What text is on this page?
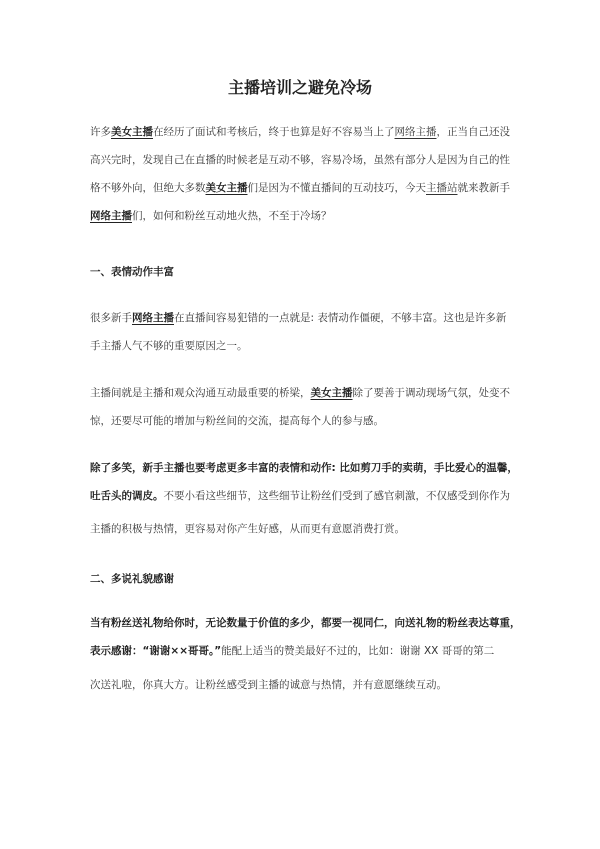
主播培训之避免冷场
许多美女主播在经历了面试和考核后，终于也算是好不容易当上了网络主播，正当自己还没
高兴完时，发现自己在直播的时候老是互动不够，容易冷场，虽然有部分人是因为自己的性
格不够外向，但绝大多数美女主播们是因为不懂直播间的互动技巧，今天主播站就来教新手
网络主播们，如何和粉丝互动地火热，不至于冷场？
一、表情动作丰富
很多新手网络主播在直播间容易犯错的一点就是: 表情动作僵硬，不够丰富。这也是许多新
手主播人气不够的重要原因之一。
主播间就是主播和观众沟通互动最重要的桥梁，美女主播除了要善于调动现场气氛，处变不
惊，还要尽可能的增加与粉丝间的交流，提高每个人的参与感。
除了多笑，新手主播也要考虑更多丰富的表情和动作: 比如剪刀手的卖萌，手比爱心的温馨，
吐舌头的调皮。不要小看这些细节，这些细节让粉丝们受到了感官刺激，不仅感受到你作为
主播的积极与热情，更容易对你产生好感，从而更有意愿消费打赏。
二、多说礼貌感谢
当有粉丝送礼物给你时，无论数量于价值的多少，都要一视同仁，向送礼物的粉丝表达尊重，
表示感谢：“谢谢××哥哥。”能配上适当的赞美最好不过的，比如：谢谢 XX 哥哥的第二
次送礼啦，你真大方。让粉丝感受到主播的诚意与热情，并有意愿继续互动。
